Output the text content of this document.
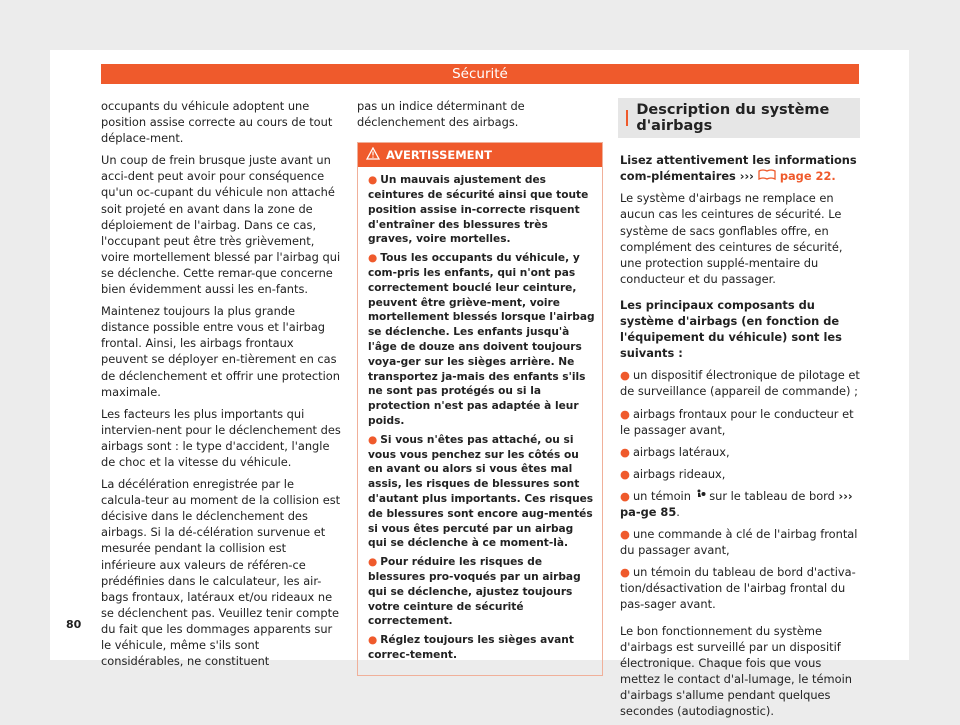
Sécurité

occupants du véhicule adoptent une position assise correcte au cours de tout déplace-ment.

Un coup de frein brusque juste avant un acci-dent peut avoir pour conséquence qu'un oc-cupant du véhicule non attaché soit projeté en avant dans la zone de déploiement de l'airbag. Dans ce cas, l'occupant peut être très grièvement, voire mortellement blessé par l'airbag qui se déclenche. Cette remar-que concerne bien évidemment aussi les en-fants.

Maintenez toujours la plus grande distance possible entre vous et l'airbag frontal. Ainsi, les airbags frontaux peuvent se déployer en-tièrement en cas de déclenchement et offrir une protection maximale.

Les facteurs les plus importants qui intervien-nent pour le déclenchement des airbags sont : le type d'accident, l'angle de choc et la vitesse du véhicule.

La décélération enregistrée par le calcula-teur au moment de la collision est décisive dans le déclenchement des airbags. Si la dé-célération survenue et mesurée pendant la collision est inférieure aux valeurs de référen-ce prédéfinies dans le calculateur, les air-bags frontaux, latéraux et/ou rideaux ne se déclenchent pas. Veuillez tenir compte du fait que les dommages apparents sur le véhicule, même s'ils sont considérables, ne constituent

pas un indice déterminant de déclenchement des airbags.

AVERTISSEMENT

● Un mauvais ajustement des ceintures de sécurité ainsi que toute position assise in-correcte risquent d'entraîner des blessures très graves, voire mortelles.

● Tous les occupants du véhicule, y com-pris les enfants, qui n'ont pas correctement bouclé leur ceinture, peuvent être grièvе-ment, voire mortellement blessés lorsque l'airbag se déclenche. Les enfants jusqu'à l'âge de douze ans doivent toujours voya-ger sur les sièges arrière. Ne transportez ja-mais des enfants s'ils ne sont pas protégés ou si la protection n'est pas adaptée à leur poids.

● Si vous n'êtes pas attaché, ou si vous vous penchez sur les côtés ou en avant ou alors si vous êtes mal assis, les risques de blessures sont d'autant plus importants. Ces risques de blessures sont encore aug-mentés si vous êtes percuté par un airbag qui se déclenche à ce moment-là.

● Pour réduire les risques de blessures pro-voqués par un airbag qui se déclenche, ajustez toujours votre ceinture de sécurité correctement.

● Réglez toujours les sièges avant correc-tement.

Description du système d'airbags

Lisez attentivement les informations com-plémentaires ››› page 22.

Le système d'airbags ne remplace en aucun cas les ceintures de sécurité. Le système de sacs gonflables offre, en complément des ceintures de sécurité, une protection supplé-mentaire du conducteur et du passager.

Les principaux composants du système d'airbags (en fonction de l'équipement du véhicule) sont les suivants :

● un dispositif électronique de pilotage et de surveillance (appareil de commande) ;

● airbags frontaux pour le conducteur et le passager avant,

● airbags latéraux,

● airbags rideaux,

● un témoin sur le tableau de bord ››› pa-ge 85.

● une commande à clé de l'airbag frontal du passager avant,

● un témoin du tableau de bord d'activa-tion/désactivation de l'airbag frontal du pas-sager avant.

Le bon fonctionnement du système d'airbags est surveillé par un dispositif électronique. Chaque fois que vous mettez le contact d'al-lumage, le témoin d'airbags s'allume pendant quelques secondes (autodiagnostic).

80
